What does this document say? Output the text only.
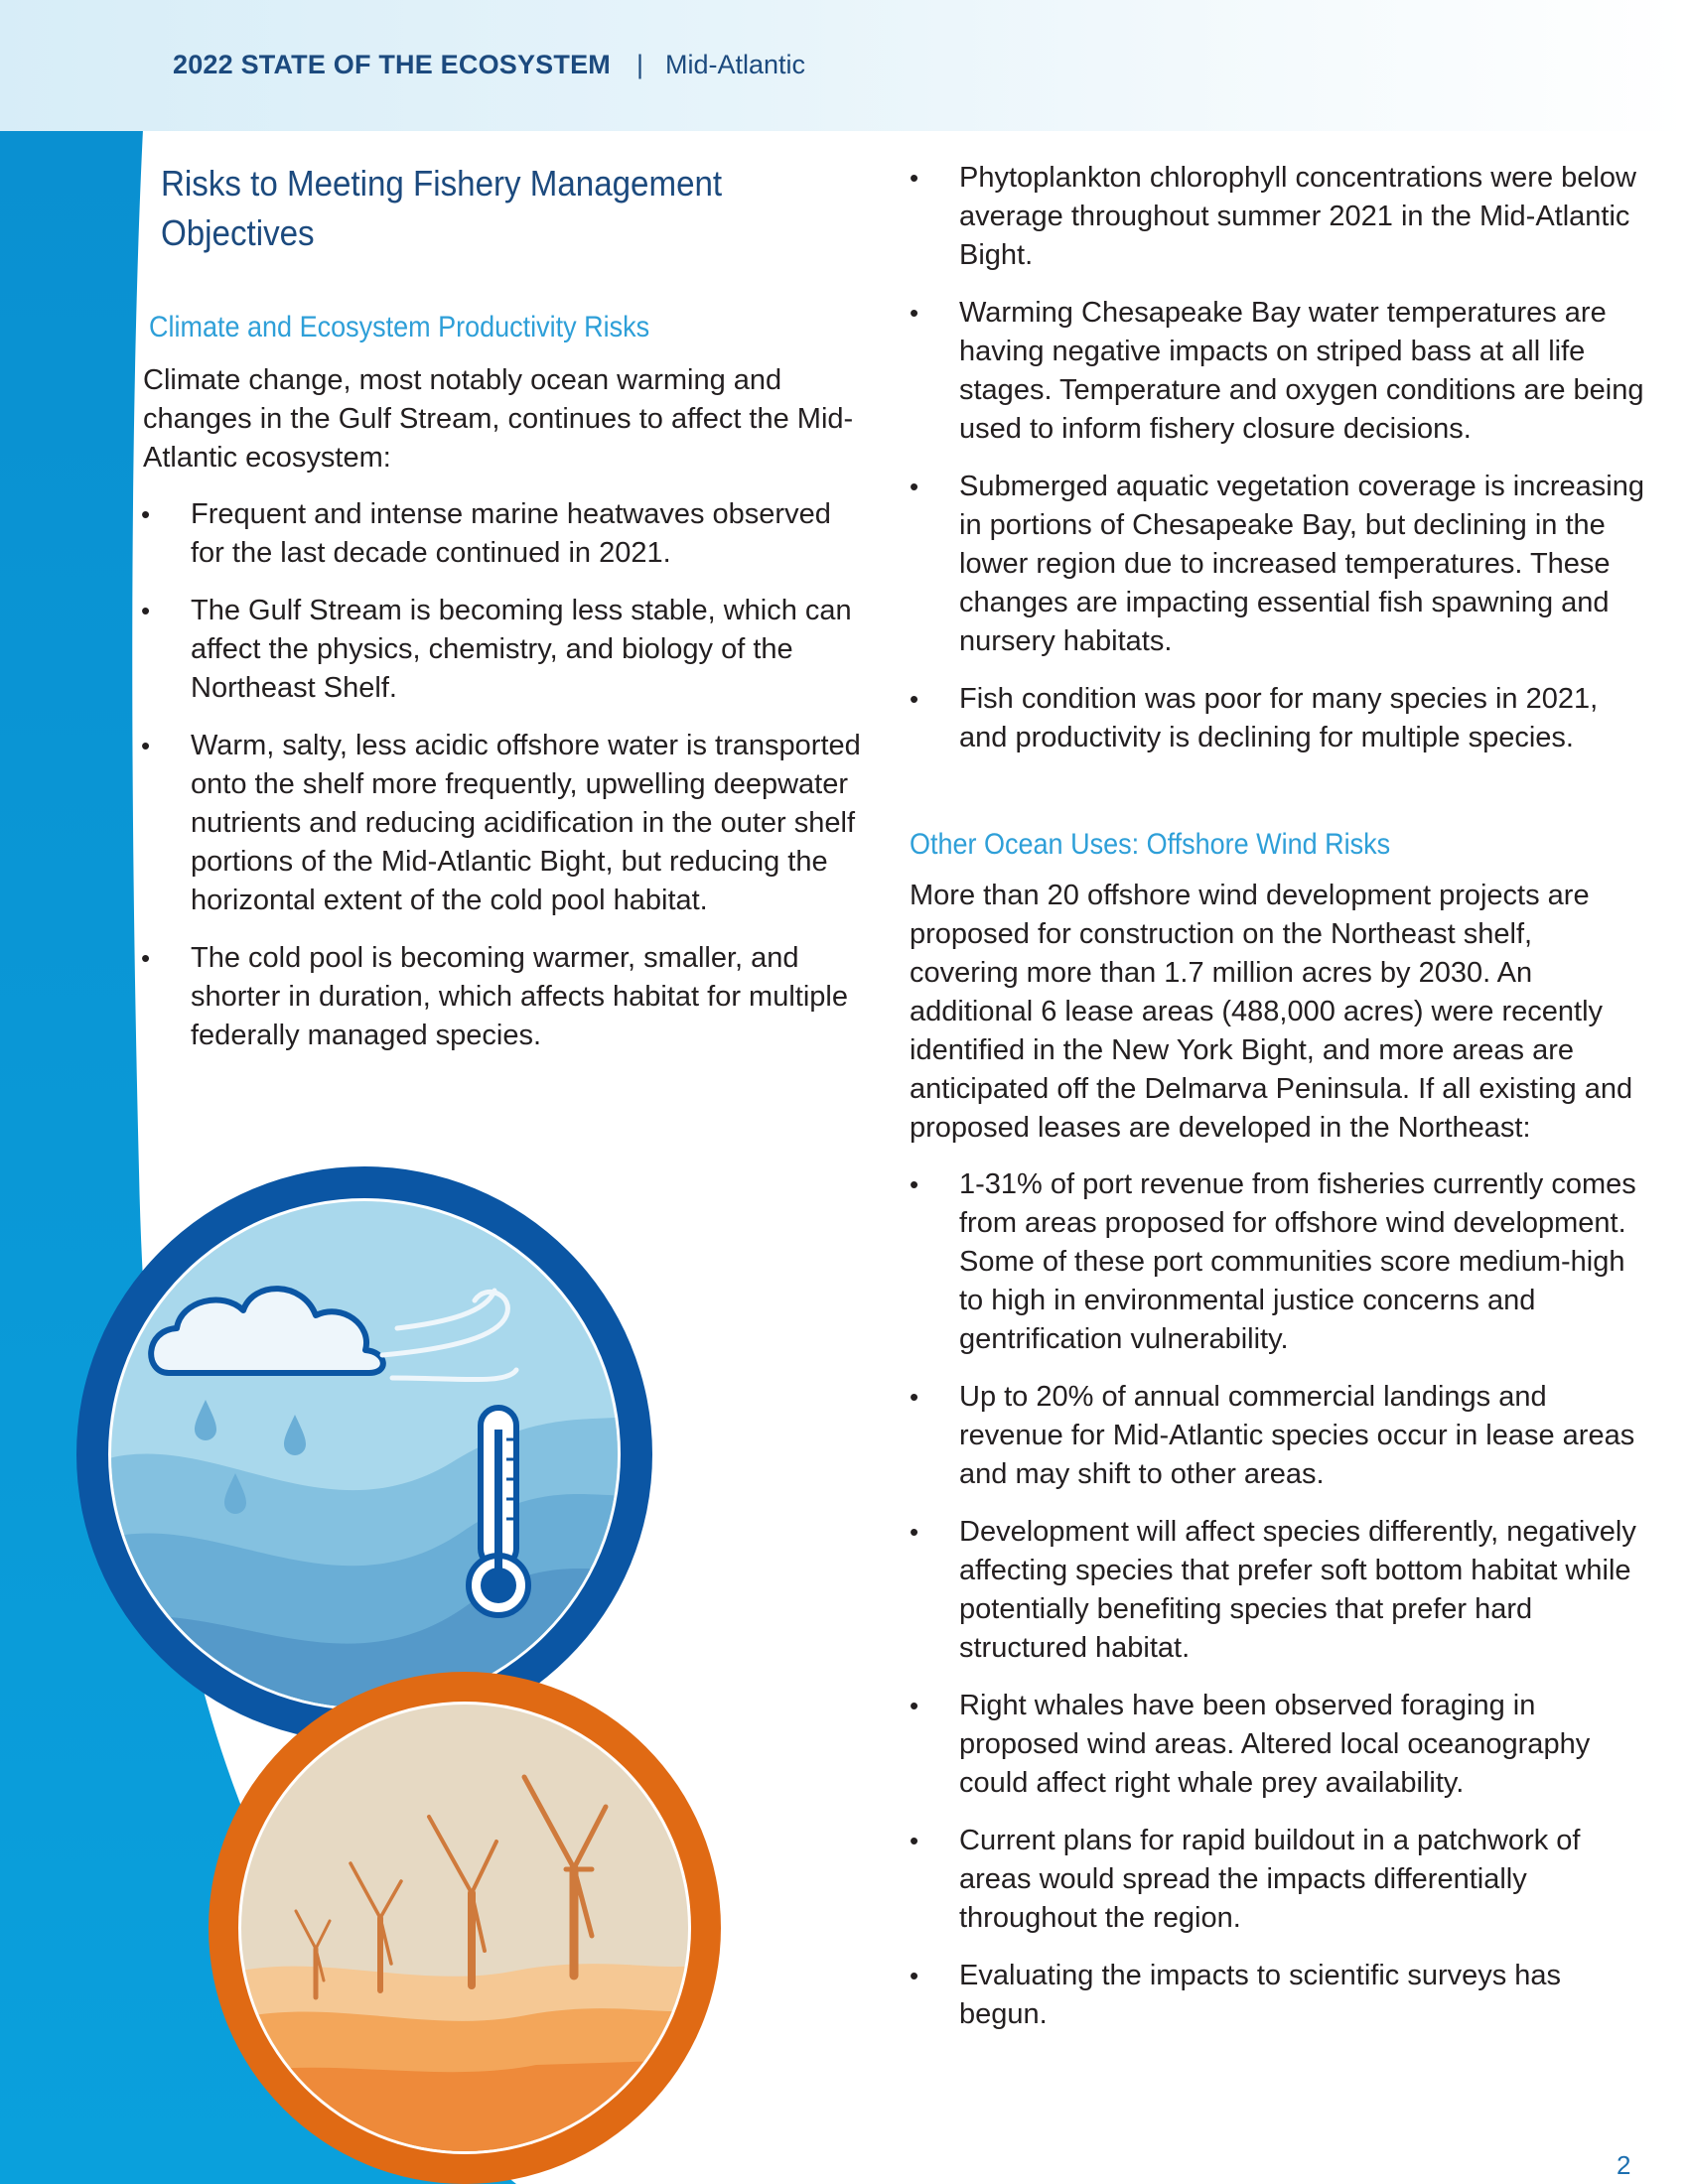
2022 STATE OF THE ECOSYSTEM | Mid-Atlantic
Risks to Meeting Fishery Management Objectives
Climate and Ecosystem Productivity Risks

Climate change, most notably ocean warming and changes in the Gulf Stream, continues to affect the Mid-Atlantic ecosystem:

• Frequent and intense marine heatwaves observed for the last decade continued in 2021.
• The Gulf Stream is becoming less stable, which can affect the physics, chemistry, and biology of the Northeast Shelf.
• Warm, salty, less acidic offshore water is transported onto the shelf more frequently, upwelling deepwater nutrients and reducing acidification in the outer shelf portions of the Mid-Atlantic Bight, but reducing the horizontal extent of the cold pool habitat.
• The cold pool is becoming warmer, smaller, and shorter in duration, which affects habitat for multiple federally managed species.
• Phytoplankton chlorophyll concentrations were below average throughout summer 2021 in the Mid-Atlantic Bight.
• Warming Chesapeake Bay water temperatures are having negative impacts on striped bass at all life stages. Temperature and oxygen conditions are being used to inform fishery closure decisions.
• Submerged aquatic vegetation coverage is increasing in portions of Chesapeake Bay, but declining in the lower region due to increased temperatures. These changes are impacting essential fish spawning and nursery habitats.
• Fish condition was poor for many species in 2021, and productivity is declining for multiple species.
Other Ocean Uses: Offshore Wind Risks

More than 20 offshore wind development projects are proposed for construction on the Northeast shelf, covering more than 1.7 million acres by 2030. An additional 6 lease areas (488,000 acres) were recently identified in the New York Bight, and more areas are anticipated off the Delmarva Peninsula. If all existing and proposed leases are developed in the Northeast:

• 1-31% of port revenue from fisheries currently comes from areas proposed for offshore wind development. Some of these port communities score medium-high to high in environmental justice concerns and gentrification vulnerability.
• Up to 20% of annual commercial landings and revenue for Mid-Atlantic species occur in lease areas and may shift to other areas.
• Development will affect species differently, negatively affecting species that prefer soft bottom habitat while potentially benefiting species that prefer hard structured habitat.
• Right whales have been observed foraging in proposed wind areas. Altered local oceanography could affect right whale prey availability.
• Current plans for rapid buildout in a patchwork of areas would spread the impacts differentially throughout the region.
• Evaluating the impacts to scientific surveys has begun.
2
